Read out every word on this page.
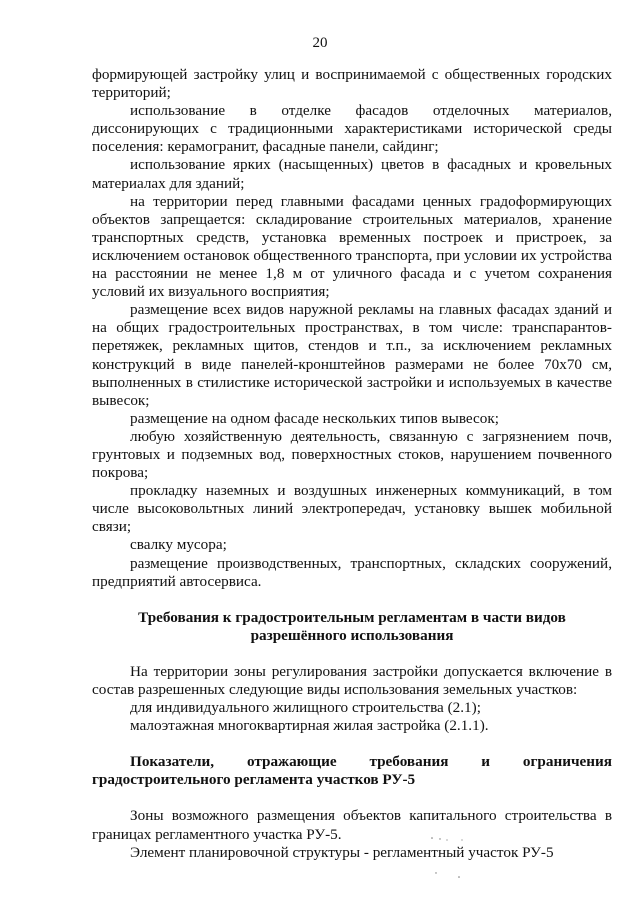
20

формирующей застройку улиц и воспринимаемой с общественных городских территорий;

использование в отделке фасадов отделочных материалов, диссонирующих с традиционными характеристиками исторической среды поселения: керамогранит, фасадные панели, сайдинг;

использование ярких (насыщенных) цветов в фасадных и кровельных материалах для зданий;

на территории перед главными фасадами ценных градоформирующих объектов запрещается: складирование строительных материалов, хранение транспортных средств, установка временных построек и пристроек, за исключением остановок общественного транспорта, при условии их устройства на расстоянии не менее 1,8 м от уличного фасада и с учетом сохранения условий их визуального восприятия;

размещение всех видов наружной рекламы на главных фасадах зданий и на общих градостроительных пространствах, в том числе: транспарантов-перетяжек, рекламных щитов, стендов и т.п., за исключением рекламных конструкций в виде панелей-кронштейнов размерами не более 70х70 см, выполненных в стилистике исторической застройки и используемых в качестве вывесок;

размещение на одном фасаде нескольких типов вывесок;

любую хозяйственную деятельность, связанную с загрязнением почв, грунтовых и подземных вод, поверхностных стоков, нарушением почвенного покрова;

прокладку наземных и воздушных инженерных коммуникаций, в том числе высоковольтных линий электропередач, установку вышек мобильной связи;

свалку мусора;

размещение производственных, транспортных, складских сооружений, предприятий автосервиса.

Требования к градостроительным регламентам в части видов
разрешённого использования

На территории зоны регулирования застройки допускается включение в состав разрешенных следующие виды использования земельных участков:

для индивидуального жилищного строительства (2.1);

малоэтажная многоквартирная жилая застройка (2.1.1).

Показатели, отражающие требования и ограничения градостроительного регламента участков РУ-5

Зоны возможного размещения объектов капитального строительства в границах регламентного участка РУ-5.

Элемент планировочной структуры - регламентный участок РУ-5
